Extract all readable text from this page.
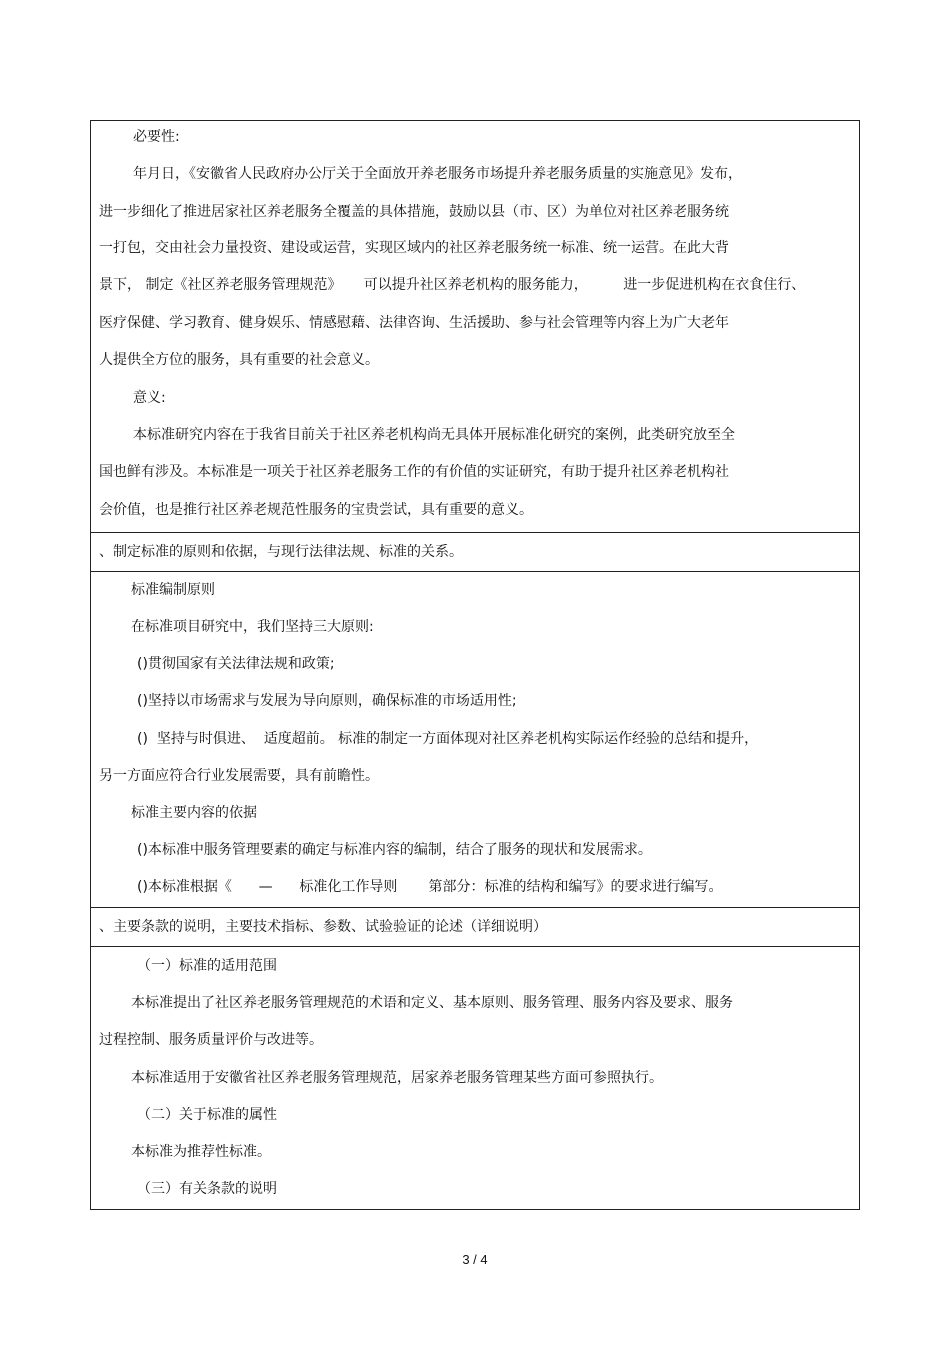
必要性:
年月日，《安徽省人民政府办公厅关于全面放开养老服务市场提升养老服务质量的实施意见》发布，
进一步细化了推进居家社区养老服务全覆盖的具体措施，鼓励以县（市、区）为单位对社区养老服务统
一打包，交由社会力量投资、建设或运营，实现区域内的社区养老服务统一标准、统一运营。在此大背
景下， 制定《社区养老服务管理规范》     可以提升社区养老机构的服务能力，        进一步促进机构在衣食住行、
医疗保健、学习教育、健身娱乐、情感慰藉、法律咨询、生活援助、参与社会管理等内容上为广大老年
人提供全方位的服务，具有重要的社会意义。
意义:
本标准研究内容在于我省目前关于社区养老机构尚无具体开展标准化研究的案例，此类研究放至全
国也鲜有涉及。本标准是一项关于社区养老服务工作的有价值的实证研究，有助于提升社区养老机构社
会价值，也是推行社区养老规范性服务的宝贵尝试，具有重要的意义。

、制定标准的原则和依据，与现行法律法规、标准的关系。

标准编制原则
在标准项目研究中，我们坚持三大原则:
()贯彻国家有关法律法规和政策;
()坚持以市场需求与发展为导向原则，确保标准的市场适用性;
()  坚持与时俱进、  适度超前。 标准的制定一方面体现对社区养老机构实际运作经验的总结和提升，
另一方面应符合行业发展需要，具有前瞻性。
标准主要内容的依据
()本标准中服务管理要素的确定与标准内容的编制，结合了服务的现状和发展需求。
()本标准根据《      —      标准化工作导则       第部分：标准的结构和编写》的要求进行编写。

、主要条款的说明，主要技术指标、参数、试验验证的论述（详细说明）

（一）标准的适用范围
本标准提出了社区养老服务管理规范的术语和定义、基本原则、服务管理、服务内容及要求、服务
过程控制、服务质量评价与改进等。
本标准适用于安徽省社区养老服务管理规范，居家养老服务管理某些方面可参照执行。
（二）关于标准的属性
本标准为推荐性标准。
（三）有关条款的说明
3 / 4
